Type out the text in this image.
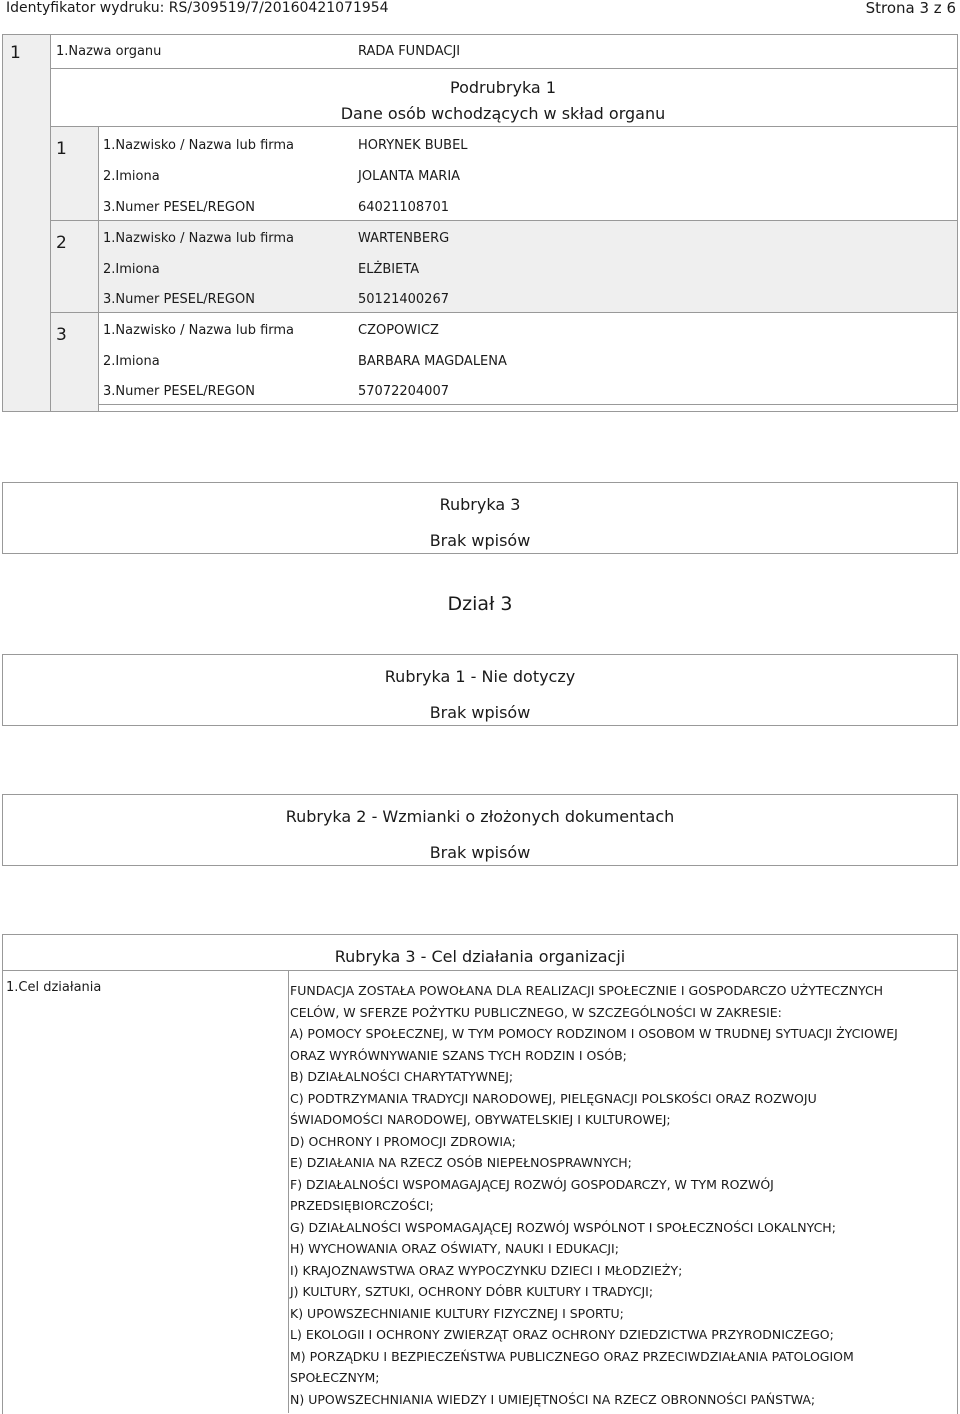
Identyfikator wydruku: RS/309519/7/20160421071954	Strona 3 z 6
1	1.Nazwa organu	RADA FUNDACJI
Podrubryka 1
Dane osób wchodzących w skład organu
1	1.Nazwisko / Nazwa lub firma	HORYNEK BUBEL
2.Imiona	JOLANTA MARIA
3.Numer PESEL/REGON	64021108701
2	1.Nazwisko / Nazwa lub firma	WARTENBERG
2.Imiona	ELŻBIETA
3.Numer PESEL/REGON	50121400267
3	1.Nazwisko / Nazwa lub firma	CZOPOWICZ
2.Imiona	BARBARA MAGDALENA
3.Numer PESEL/REGON	57072204007
Rubryka 3
Brak wpisów
Dział 3
Rubryka 1 - Nie dotyczy
Brak wpisów
Rubryka 2 - Wzmianki o złożonych dokumentach
Brak wpisów
Rubryka 3 - Cel działania organizacji
1.Cel działania	FUNDACJA ZOSTAŁA POWOŁANA DLA REALIZACJI SPOŁECZNIE I GOSPODARCZO UŻYTECZNYCH
CELÓW, W SFERZE POŻYTKU PUBLICZNEGO, W SZCZEGÓLNOŚCI W ZAKRESIE:
A) POMOCY SPOŁECZNEJ, W TYM POMOCY RODZINOM I OSOBOM W TRUDNEJ SYTUACJI ŻYCIOWEJ
ORAZ WYRÓWNYWANIE SZANS TYCH RODZIN I OSÓB;
B) DZIAŁALNOŚCI CHARYTATYWNEJ;
C) PODTRZYMANIA TRADYCJI NARODOWEJ, PIELĘGNACJI POLSKOŚCI ORAZ ROZWOJU
ŚWIADOMOŚCI NARODOWEJ, OBYWATELSKIEJ I KULTUROWEJ;
D) OCHRONY I PROMOCJI ZDROWIA;
E) DZIAŁANIA NA RZECZ OSÓB NIEPEŁNOSPRAWNYCH;
F) DZIAŁALNOŚCI WSPOMAGAJĄCEJ ROZWÓJ GOSPODARCZY, W TYM ROZWÓJ
PRZEDSIĘBIORCZOŚCI;
G) DZIAŁALNOŚCI WSPOMAGAJĄCEJ ROZWÓJ WSPÓLNOT I SPOŁECZNOŚCI LOKALNYCH;
H) WYCHOWANIA ORAZ OŚWIATY, NAUKI I EDUKACJI;
I) KRAJOZNAWSTWA ORAZ WYPOCZYNKU DZIECI I MŁODZIEŻY;
J) KULTURY, SZTUKI, OCHRONY DÓBR KULTURY I TRADYCJI;
K) UPOWSZECHNIANIE KULTURY FIZYCZNEJ I SPORTU;
L) EKOLOGII I OCHRONY ZWIERZĄT ORAZ OCHRONY DZIEDZICTWA PRZYRODNICZEGO;
M) PORZĄDKU I BEZPIECZEŃSTWA PUBLICZNEGO ORAZ PRZECIWDZIAŁANIA PATOLOGIOM
SPOŁECZNYM;
N) UPOWSZECHNIANIA WIEDZY I UMIEJĘTNOŚCI NA RZECZ OBRONNOŚCI PAŃSTWA;
